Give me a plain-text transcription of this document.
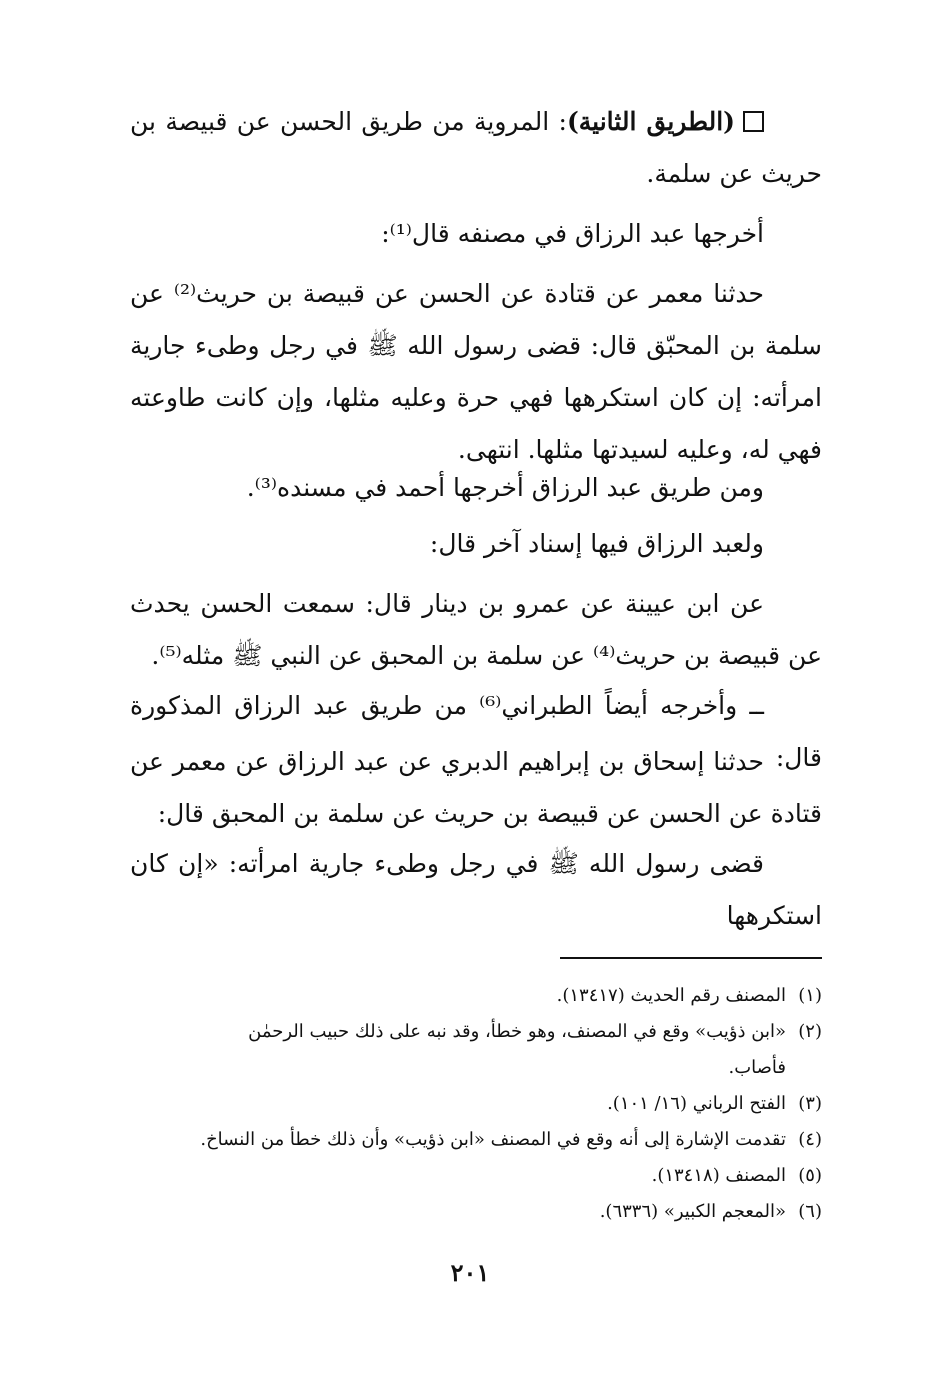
(الطريق الثانية): المروية من طريق الحسن عن قبيصة بن حريث عن سلمة.

أخرجها عبد الرزاق في مصنفه قال⁽¹⁾:

حدثنا معمر عن قتادة عن الحسن عن قبيصة بن حريث⁽²⁾ عن سلمة بن المحبّق قال: قضى رسول الله ﷺ في رجل وطىء جارية امرأته: إن كان استكرهها فهي حرة وعليه مثلها، وإن كانت طاوعته فهي له، وعليه لسيدتها مثلها. انتهى.

ومن طريق عبد الرزاق أخرجها أحمد في مسنده⁽³⁾.

ولعبد الرزاق فيها إسناد آخر قال:

عن ابن عيينة عن عمرو بن دينار قال: سمعت الحسن يحدث عن قبيصة بن حريث⁽⁴⁾ عن سلمة بن المحبق عن النبي ﷺ مثله⁽⁵⁾.

ــ وأخرجه أيضاً الطبراني⁽⁶⁾ من طريق عبد الرزاق المذكورة قال:

حدثنا إسحاق بن إبراهيم الدبري عن عبد الرزاق عن معمر عن قتادة عن الحسن عن قبيصة بن حريث عن سلمة بن المحبق قال:

قضى رسول الله ﷺ في رجل وطىء جارية امرأته: «إن كان استكرهها

(١)المصنف رقم الحديث (١٣٤١٧).

(٢)«ابن ذؤيب» وقع في المصنف، وهو خطأ، وقد نبه على ذلك حبيب الرحمٰن

فأصاب.

(٣)الفتح الرباني (١٦/ ١٠١).

(٤)تقدمت الإشارة إلى أنه وقع في المصنف «ابن ذؤيب» وأن ذلك خطأ من النساخ.

(٥)المصنف (١٣٤١٨).

(٦)«المعجم الكبير» (٦٣٣٦).

٢٠١
